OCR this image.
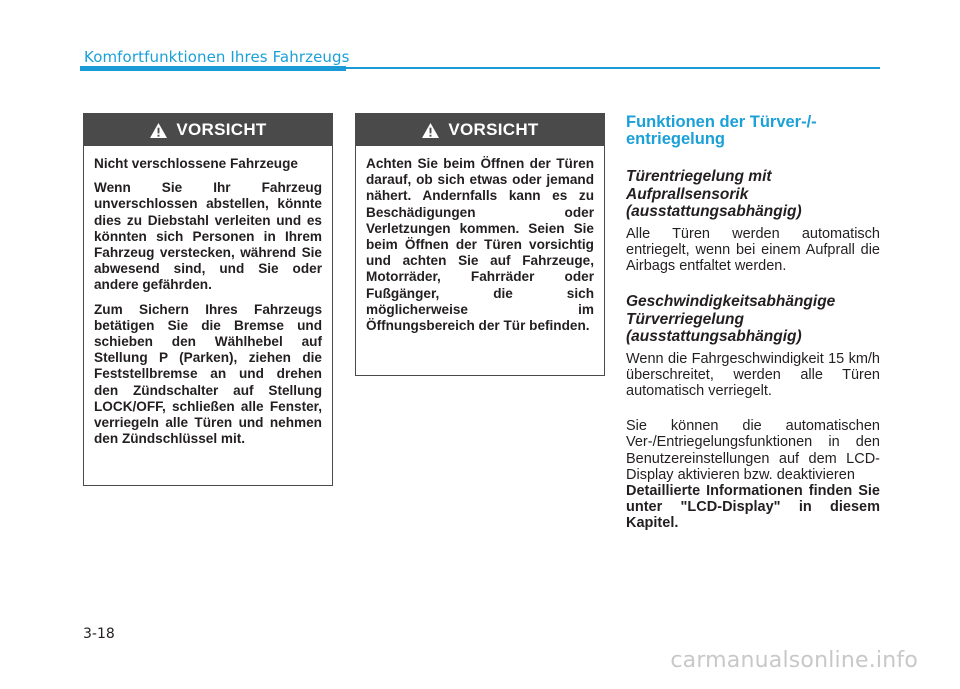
Komfortfunktionen Ihres Fahrzeugs
VORSICHT

Nicht verschlossene Fahrzeuge

Wenn Sie Ihr Fahrzeug unverschlossen abstellen, könnte dies zu Diebstahl verleiten und es könnten sich Personen in Ihrem Fahrzeug verstecken, während Sie abwesend sind, und Sie oder andere gefährden.

Zum Sichern Ihres Fahrzeugs betätigen Sie die Bremse und schieben den Wählhebel auf Stellung P (Parken), ziehen die Feststellbremse an und drehen den Zündschalter auf Stellung LOCK/OFF, schließen alle Fenster, verriegeln alle Türen und nehmen den Zündschlüssel mit.

VORSICHT

Achten Sie beim Öffnen der Türen darauf, ob sich etwas oder jemand nähert. Andernfalls kann es zu Beschädigungen oder Verletzungen kommen. Seien Sie beim Öffnen der Türen vorsichtig und achten Sie auf Fahrzeuge, Motorräder, Fahrräder oder Fußgänger, die sich möglicherweise im Öffnungsbereich der Tür befinden.

Funktionen der Türver-/-entriegelung
Türentriegelung mit Aufprallsensorik (ausstattungsabhängig)

Alle Türen werden automatisch entriegelt, wenn bei einem Aufprall die Airbags entfaltet werden.

Geschwindigkeitsabhängige Türverriegelung (ausstattungsabhängig)

Wenn die Fahrgeschwindigkeit 15 km/h überschreitet, werden alle Türen automatisch verriegelt.

Sie können die automatischen Ver-/Entriegelungsfunktionen in den Benutzereinstellungen auf dem LCD-Display aktivieren bzw. deaktivieren

Detaillierte Informationen finden Sie unter "LCD-Display" in diesem Kapitel.

3-18
carmanualsonline.info
